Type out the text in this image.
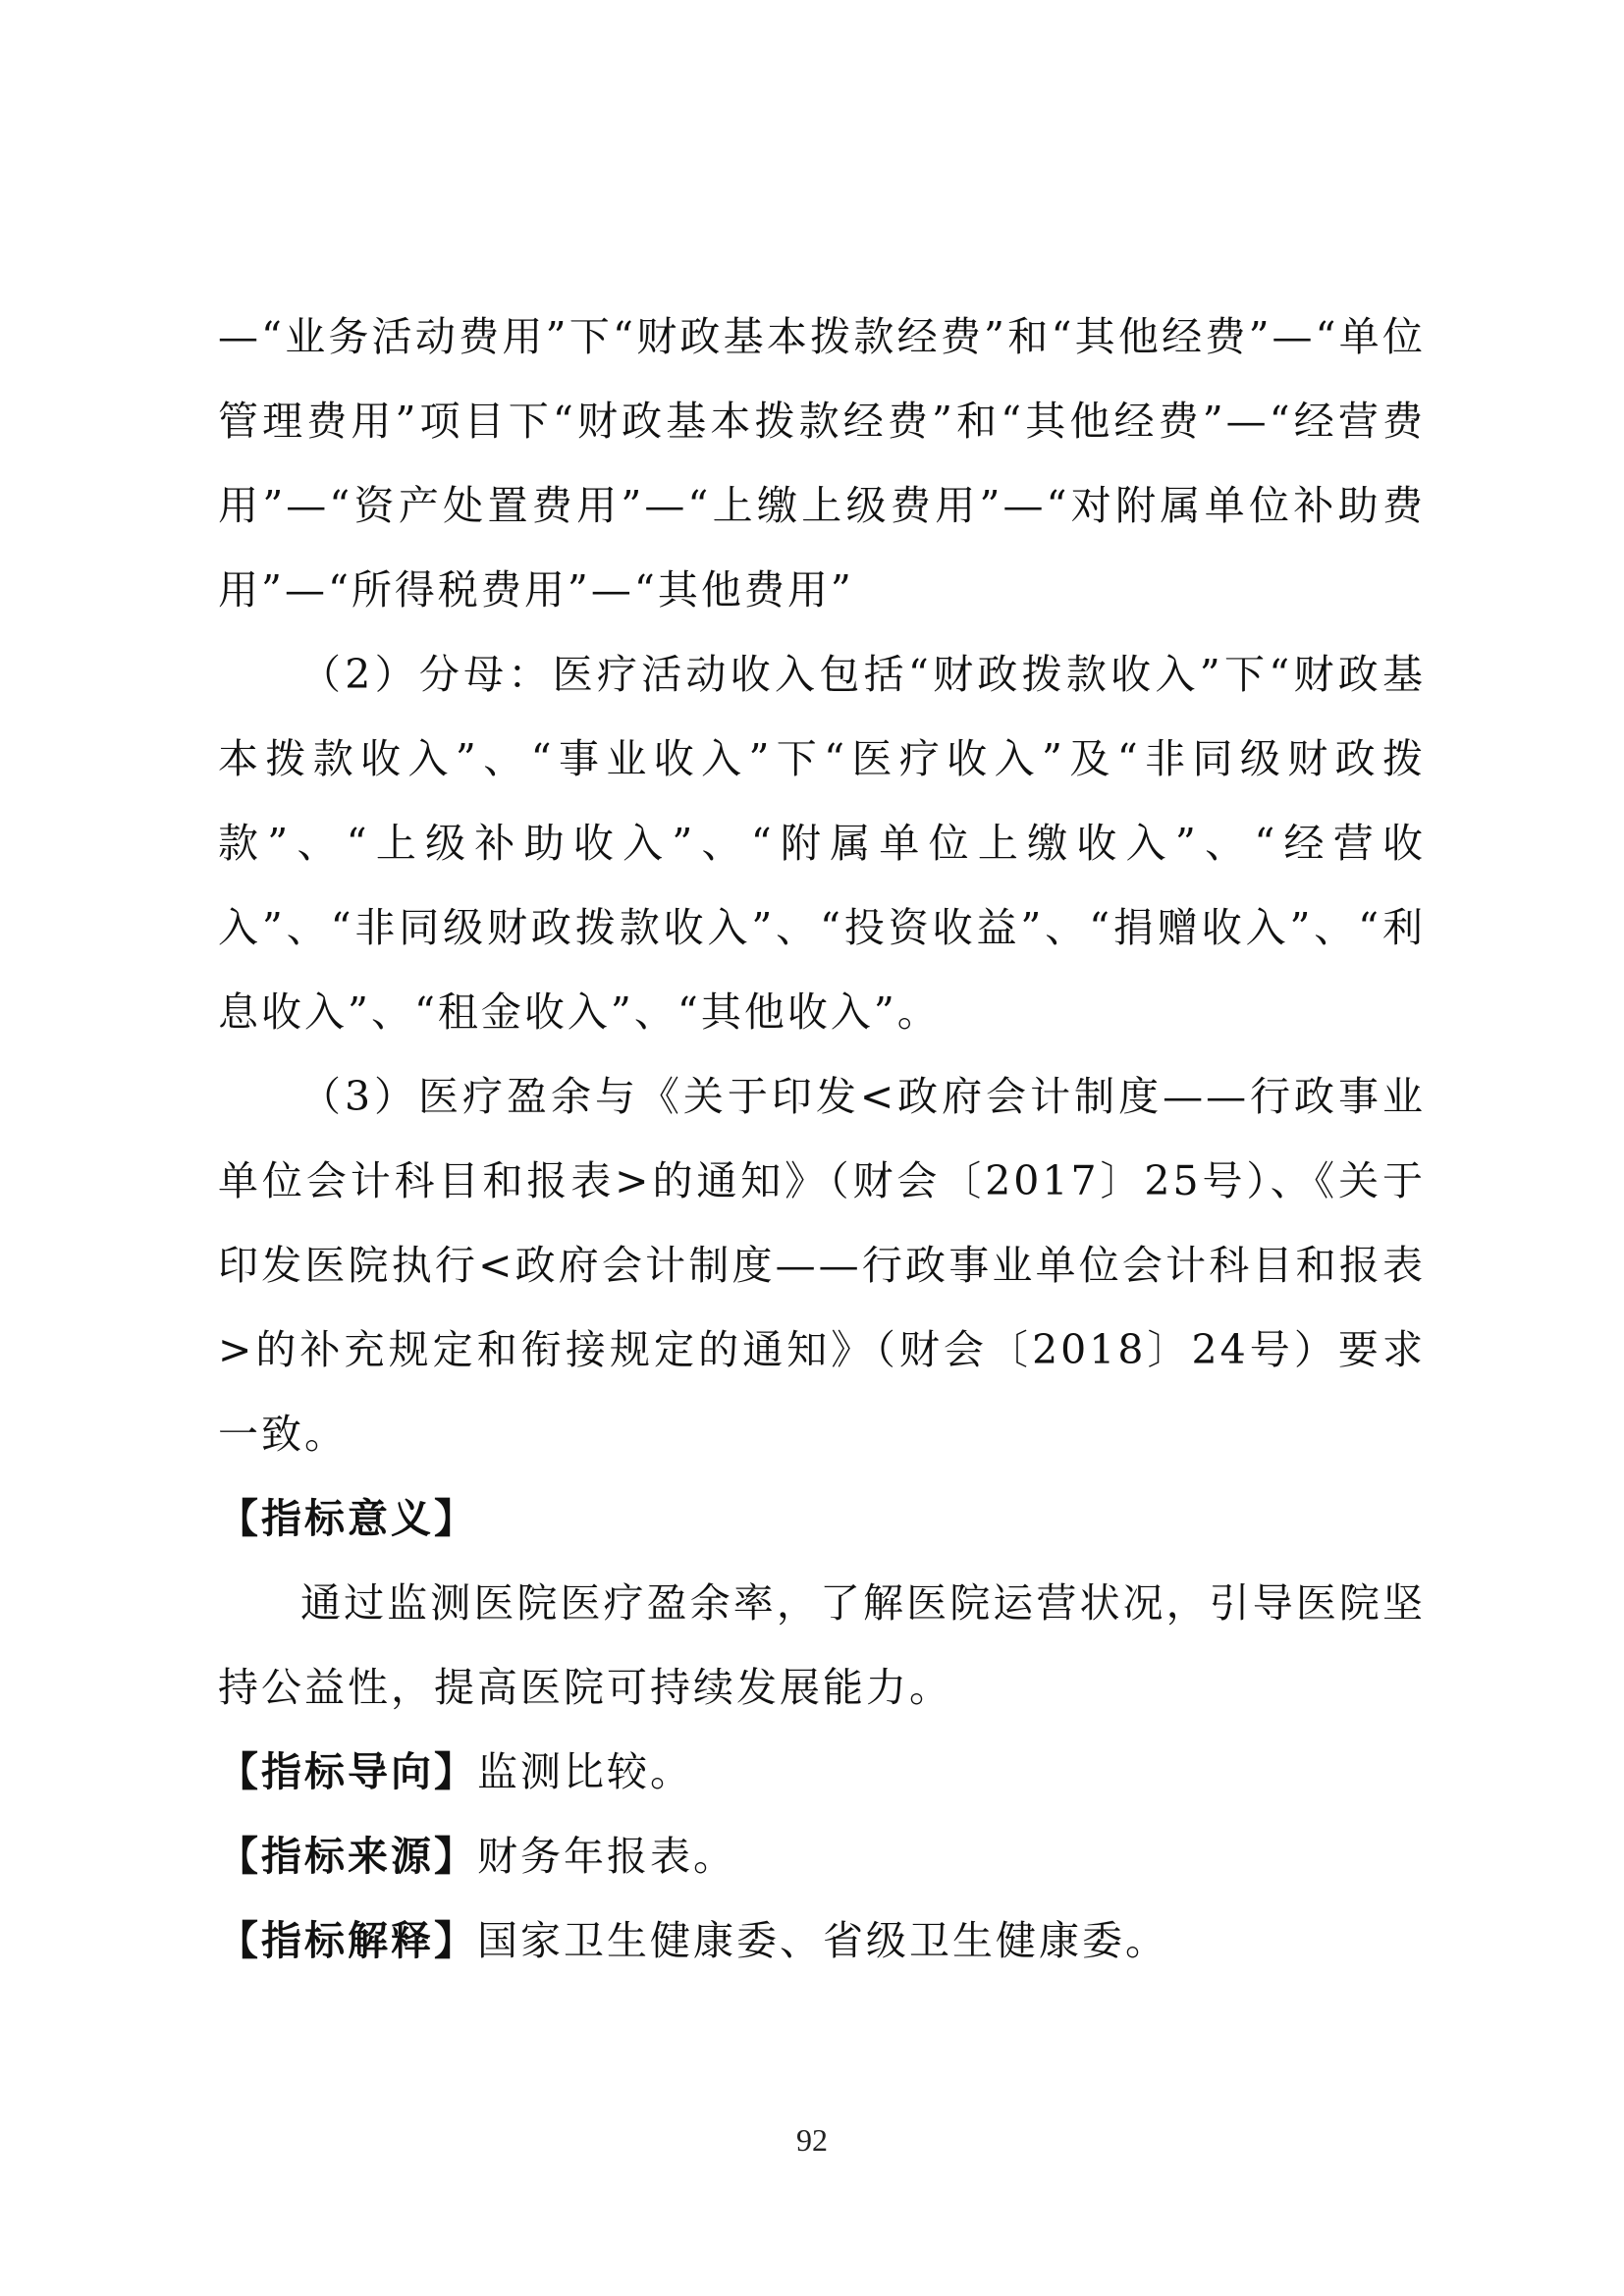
—“业务活动费用”下“财政基本拨款经费”和“其他经费”—“单位管理费用”项目下“财政基本拨款经费”和“其他经费”—“经营费用”—“资产处置费用”—“上缴上级费用”—“对附属单位补助费用”—“所得税费用”—“其他费用”

（2）分母：医疗活动收入包括“财政拨款收入”下“财政基本拨款收入”、“事业收入”下“医疗收入”及“非同级财政拨款”、“上级补助收入”、“附属单位上缴收入”、“经营收入”、“非同级财政拨款收入”、“投资收益”、“捐赠收入”、“利息收入”、“租金收入”、“其他收入”。

（3）医疗盈余与《关于印发<政府会计制度——行政事业单位会计科目和报表>的通知》（财会〔2017〕25号）、《关于印发医院执行<政府会计制度——行政事业单位会计科目和报表>的补充规定和衔接规定的通知》（财会〔2018〕24号）要求一致。

【指标意义】

通过监测医院医疗盈余率，了解医院运营状况，引导医院坚持公益性，提高医院可持续发展能力。

【指标导向】监测比较。

【指标来源】财务年报表。

【指标解释】国家卫生健康委、省级卫生健康委。

92
